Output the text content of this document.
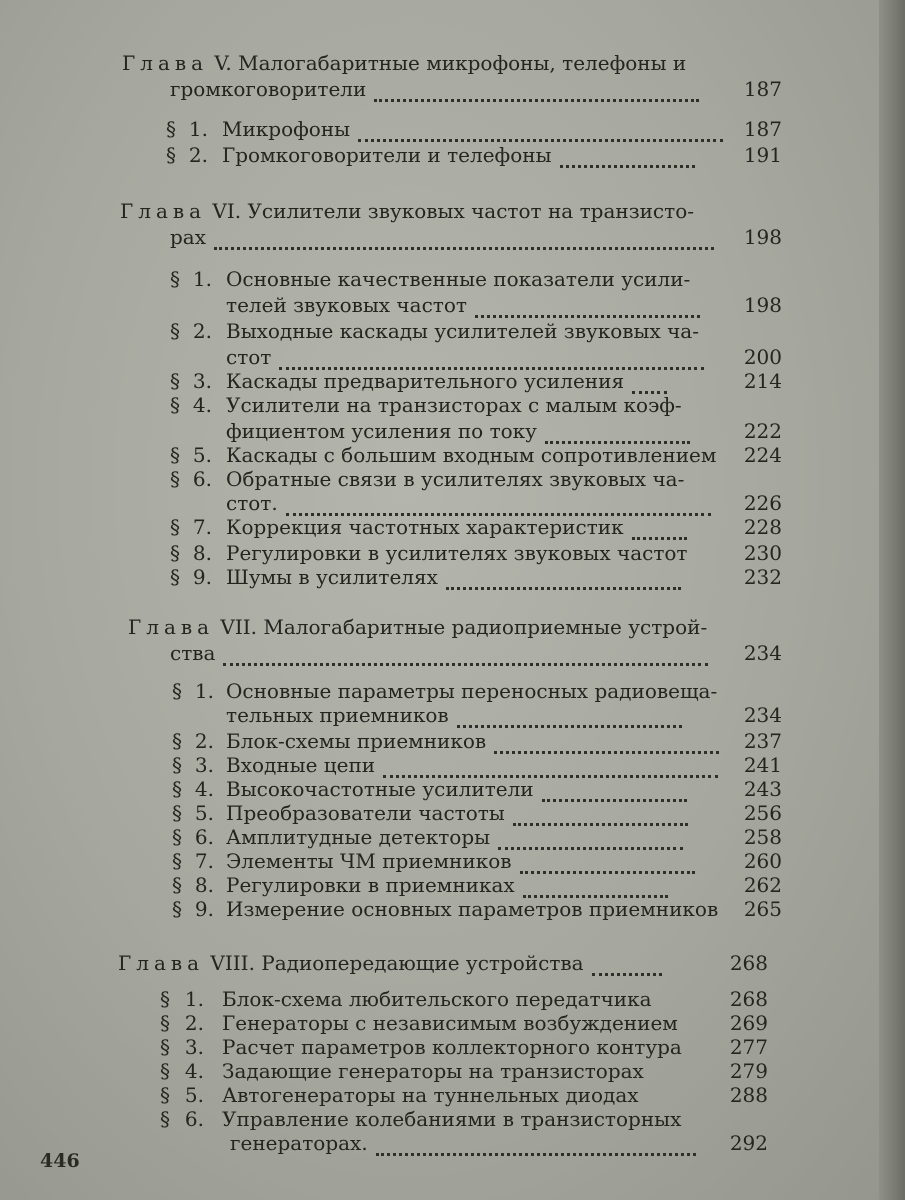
Глава V. Малогабаритные микрофоны, телефоны и
громкоговорители	187
§ 1. Микрофоны	187
§ 2. Громкоговорители и телефоны	191
Глава VI. Усилители звуковых частот на транзисто-
рах	198
§ 1. Основные качественные показатели усили-
телей звуковых частот	198
§ 2. Выходные каскады усилителей звуковых ча-
стот	200
§ 3. Каскады предварительного усиления	214
§ 4. Усилители на транзисторах с малым коэф-
фициентом усиления по току	222
§ 5. Каскады с большим входным сопротивлением	224
§ 6. Обратные связи в усилителях звуковых ча-
стот.	226
§ 7. Коррекция частотных характеристик	228
§ 8. Регулировки в усилителях звуковых частот	230
§ 9. Шумы в усилителях	232
Глава VII. Малогабаритные радиоприемные устрой-
ства	234
§ 1. Основные параметры переносных радиовеща-
тельных приемников	234
§ 2. Блок-схемы приемников	237
§ 3. Входные цепи	241
§ 4. Высокочастотные усилители	243
§ 5. Преобразователи частоты	256
§ 6. Амплитудные детекторы	258
§ 7. Элементы ЧМ приемников	260
§ 8. Регулировки в приемниках	262
§ 9. Измерение основных параметров приемников	265
Глава VIII. Радиопередающие устройства	268
§ 1. Блок-схема любительского передатчика	268
§ 2. Генераторы с независимым возбуждением	269
§ 3. Расчет параметров коллекторного контура	277
§ 4. Задающие генераторы на транзисторах	279
§ 5. Автогенераторы на туннельных диодах	288
§ 6. Управление колебаниями в транзисторных
генераторах.	292
446
